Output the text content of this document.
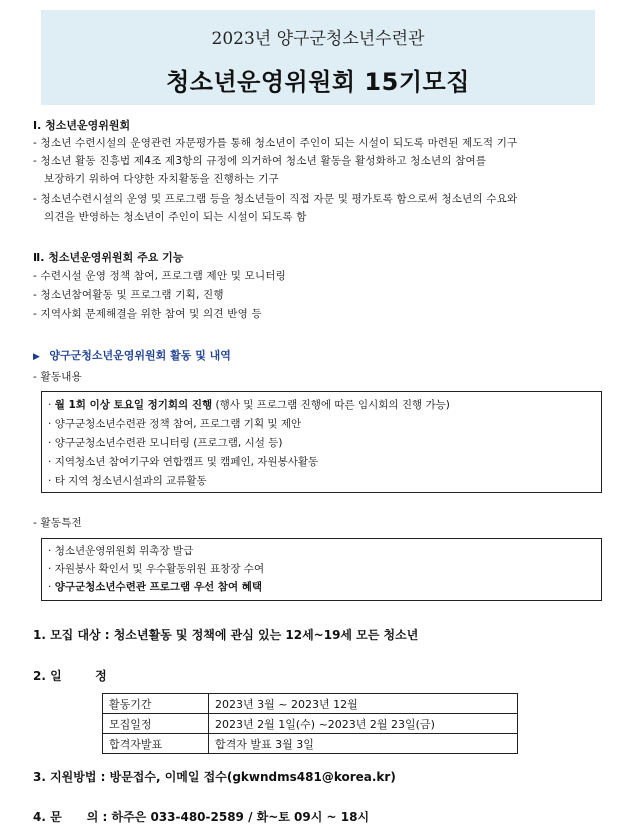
2023년 양구군청소년수련관
청소년운영위원회 15기모집
Ⅰ. 청소년운영위원회
- 청소년 수련시설의 운영관련 자문평가를 통해 청소년이 주인이 되는 시설이 되도록 마련된 제도적 기구
- 청소년 활동 진흥법 제4조 제3항의 규정에 의거하여 청소년 활동을 활성화하고 청소년의 참여를
보장하기 위하여 다양한 자치활동을 진행하는 기구
- 청소년수련시설의 운영 및 프로그램 등을 청소년들이 직접 자문 및 평가토록 함으로써 청소년의 수요와
의견을 반영하는 청소년이 주인이 되는 시설이 되도록 함
Ⅱ. 청소년운영위원회 주요 기능
- 수련시설 운영 정책 참여, 프로그램 제안 및 모니터링
- 청소년참여활동 및 프로그램 기획, 진행
- 지역사회 문제해결을 위한 참여 및 의견 반영 등
▶ 양구군청소년운영위원회 활동 및 내역
- 활동내용
· 월 1회 이상 토요일 정기회의 진행 (행사 및 프로그램 진행에 따른 임시회의 진행 가능)
· 양구군청소년수련관 정책 참여, 프로그램 기획 및 제안
· 양구군청소년수련관 모니터링 (프로그램, 시설 등)
· 지역청소년 참여기구와 연합캠프 및 캠페인, 자원봉사활동
· 타 지역 청소년시설과의 교류활동
- 활동특전
· 청소년운영위원회 위촉장 발급
· 자원봉사 확인서 및 우수활동위원 표창장 수여
· 양구군청소년수련관 프로그램 우선 참여 혜택
1. 모집 대상 : 청소년활동 및 정책에 관심 있는 12세~19세 모든 청소년
2. 일        정
활동기간	2023년 3월 ~ 2023년 12월
모집일정	2023년 2월 1일(수) ~2023년 2월 23일(금)
합격자발표	합격자 발표 3월 3일
3. 지원방법 : 방문접수, 이메일 접수(gkwndms481@korea.kr)
4. 문      의 : 하주은 033-480-2589 / 화~토 09시 ~ 18시
